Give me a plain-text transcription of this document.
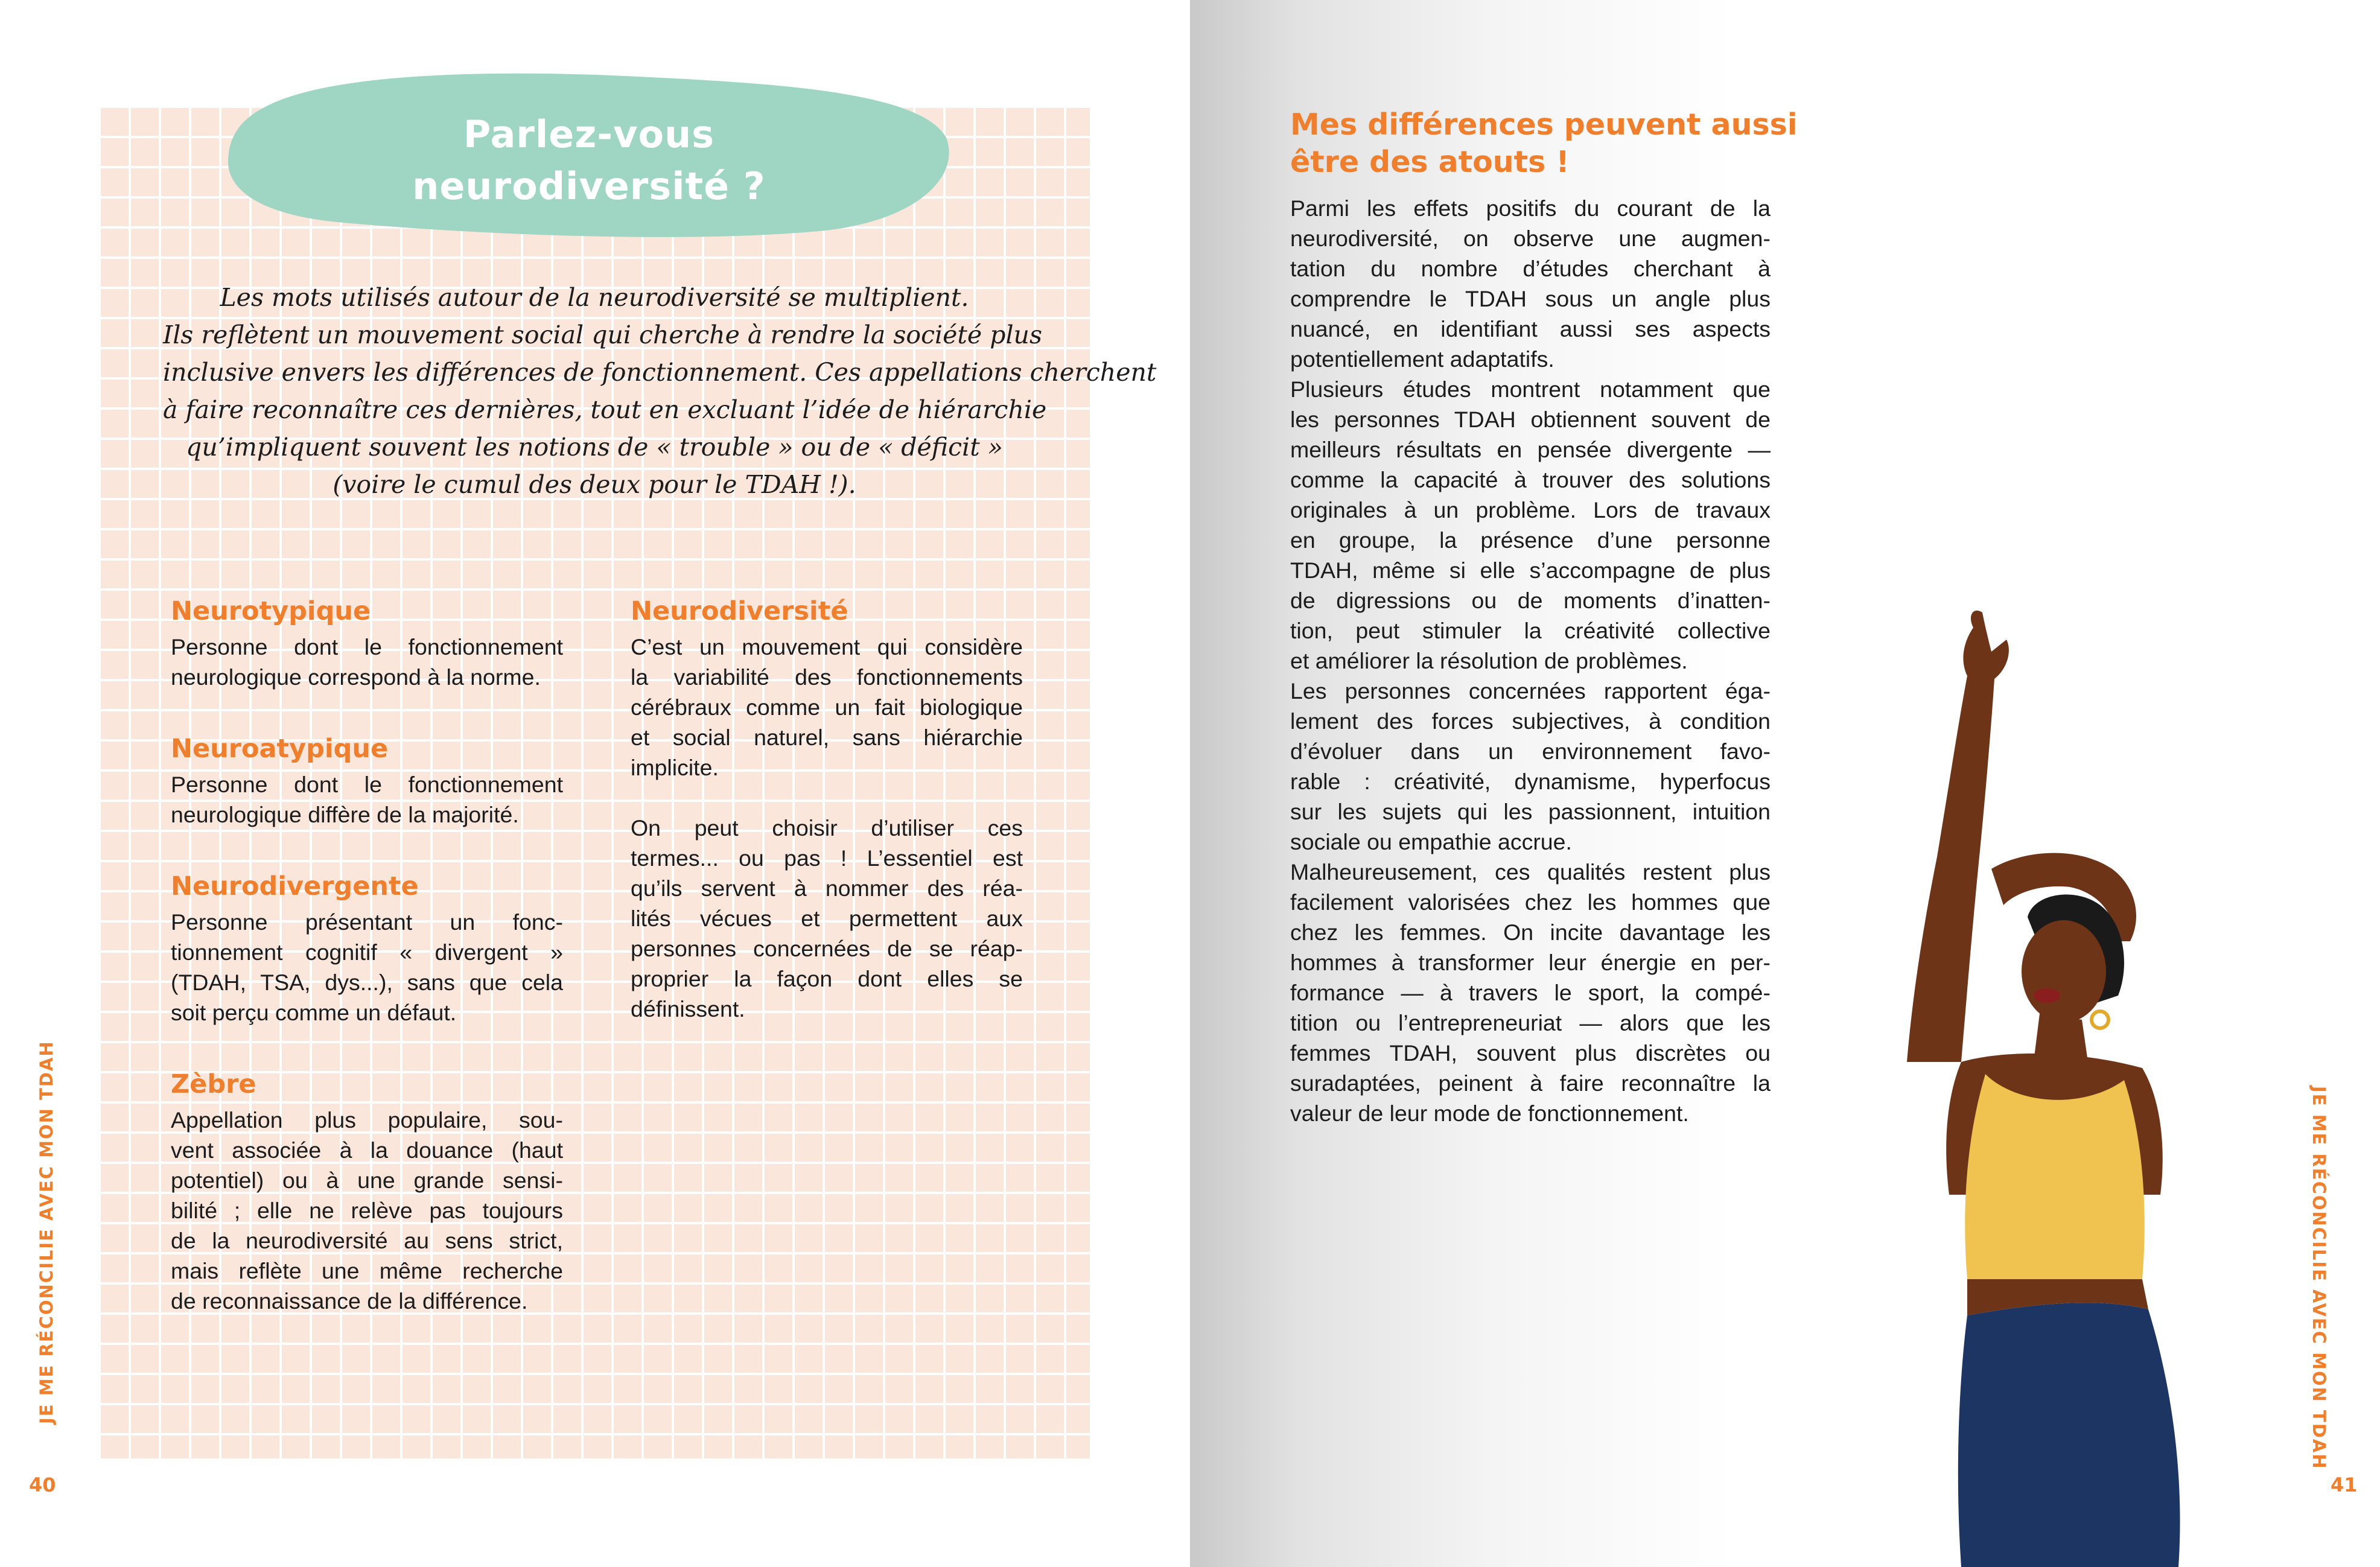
Parlez-vous
neurodiversité ?
Les mots utilisés autour de la neurodiversité se multiplient.
Ils reflètent un mouvement social qui cherche à rendre la société plus
inclusive envers les différences de fonctionnement. Ces appellations cherchent
à faire reconnaître ces dernières, tout en excluant l’idée de hiérarchie
qu’impliquent souvent les notions de « trouble » ou de « déficit »
(voire le cumul des deux pour le TDAH !).
Neurotypique
Personne dont le fonctionnement
neurologique correspond à la norme.
Neuroatypique
Personne dont le fonctionnement
neurologique diffère de la majorité.
Neurodivergente
Personne présentant un fonc-
tionnement cognitif « divergent »
(TDAH, TSA, dys...), sans que cela
soit perçu comme un défaut.
Zèbre
Appellation plus populaire, sou-
vent associée à la douance (haut
potentiel) ou à une grande sensi-
bilité ; elle ne relève pas toujours
de la neurodiversité au sens strict,
mais reflète une même recherche
de reconnaissance de la différence.
Neurodiversité
C’est un mouvement qui considère
la variabilité des fonctionnements
cérébraux comme un fait biologique
et social naturel, sans hiérarchie
implicite.
On peut choisir d’utiliser ces
termes... ou pas ! L’essentiel est
qu’ils servent à nommer des réa-
lités vécues et permettent aux
personnes concernées de se réap-
proprier la façon dont elles se
définissent.
JE ME RÉCONCILIE AVEC MON TDAH
40
Mes différences peuvent aussi
être des atouts !
Parmi les effets positifs du courant de la
neurodiversité, on observe une augmen-
tation du nombre d’études cherchant à
comprendre le TDAH sous un angle plus
nuancé, en identifiant aussi ses aspects
potentiellement adaptatifs.
Plusieurs études montrent notamment que
les personnes TDAH obtiennent souvent de
meilleurs résultats en pensée divergente —
comme la capacité à trouver des solutions
originales à un problème. Lors de travaux
en groupe, la présence d’une personne
TDAH, même si elle s’accompagne de plus
de digressions ou de moments d’inatten-
tion, peut stimuler la créativité collective
et améliorer la résolution de problèmes.
Les personnes concernées rapportent éga-
lement des forces subjectives, à condition
d’évoluer dans un environnement favo-
rable : créativité, dynamisme, hyperfocus
sur les sujets qui les passionnent, intuition
sociale ou empathie accrue.
Malheureusement, ces qualités restent plus
facilement valorisées chez les hommes que
chez les femmes. On incite davantage les
hommes à transformer leur énergie en per-
formance — à travers le sport, la compé-
tition ou l’entrepreneuriat — alors que les
femmes TDAH, souvent plus discrètes ou
suradaptées, peinent à faire reconnaître la
valeur de leur mode de fonctionnement.	JE ME RÉCONCILIE AVEC MON TDAH
41
